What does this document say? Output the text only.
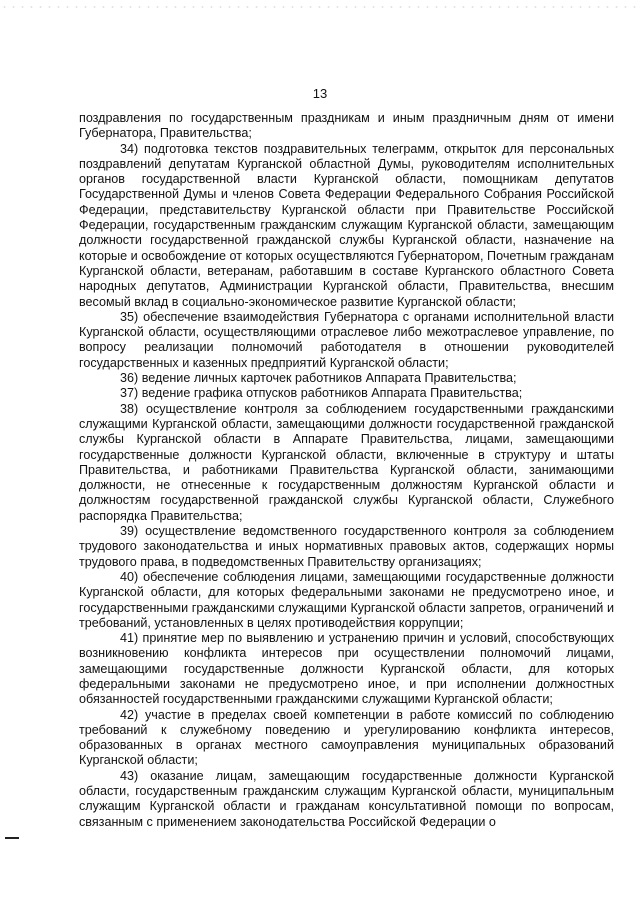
13

поздравления по государственным праздникам и иным праздничным дням от имени Губернатора, Правительства;

34) подготовка текстов поздравительных телеграмм, открыток для персональных поздравлений депутатам Курганской областной Думы, руководителям исполнительных органов государственной власти Курганской области, помощникам депутатов Государственной Думы и членов Совета Федерации Федерального Собрания Российской Федерации, представительству Курганской области при Правительстве Российской Федерации, государственным гражданским служащим Курганской области, замещающим должности государственной гражданской службы Курганской области, назначение на которые и освобождение от которых осуществляются Губернатором, Почетным гражданам Курганской области, ветеранам, работавшим в составе Курганского областного Совета народных депутатов, Администрации Курганской области, Правительства, внесшим весомый вклад в социально-экономическое развитие Курганской области;

35) обеспечение взаимодействия Губернатора с органами исполнительной власти Курганской области, осуществляющими отраслевое либо межотраслевое управление, по вопросу реализации полномочий работодателя в отношении руководителей государственных и казенных предприятий Курганской области;

36) ведение личных карточек работников Аппарата Правительства;

37) ведение графика отпусков работников Аппарата Правительства;

38) осуществление контроля за соблюдением государственными гражданскими служащими Курганской области, замещающими должности государственной гражданской службы Курганской области в Аппарате Правительства, лицами, замещающими государственные должности Курганской области, включенные в структуру и штаты Правительства, и работниками Правительства Курганской области, занимающими должности, не отнесенные к государственным должностям Курганской области и должностям государственной гражданской службы Курганской области, Служебного распорядка Правительства;

39) осуществление ведомственного государственного контроля за соблюдением трудового законодательства и иных нормативных правовых актов, содержащих нормы трудового права, в подведомственных Правительству организациях;

40) обеспечение соблюдения лицами, замещающими государственные должности Курганской области, для которых федеральными законами не предусмотрено иное, и государственными гражданскими служащими Курганской области запретов, ограничений и требований, установленных в целях противодействия коррупции;

41) принятие мер по выявлению и устранению причин и условий, способствующих возникновению конфликта интересов при осуществлении полномочий лицами, замещающими государственные должности Курганской области, для которых федеральными законами не предусмотрено иное, и при исполнении должностных обязанностей государственными гражданскими служащими Курганской области;

42) участие в пределах своей компетенции в работе комиссий по соблюдению требований к служебному поведению и урегулированию конфликта интересов, образованных в органах местного самоуправления муниципальных образований Курганской области;

43) оказание лицам, замещающим государственные должности Курганской области, государственным гражданским служащим Курганской области, муниципальным служащим Курганской области и гражданам консультативной помощи по вопросам, связанным с применением законодательства Российской Федерации о
